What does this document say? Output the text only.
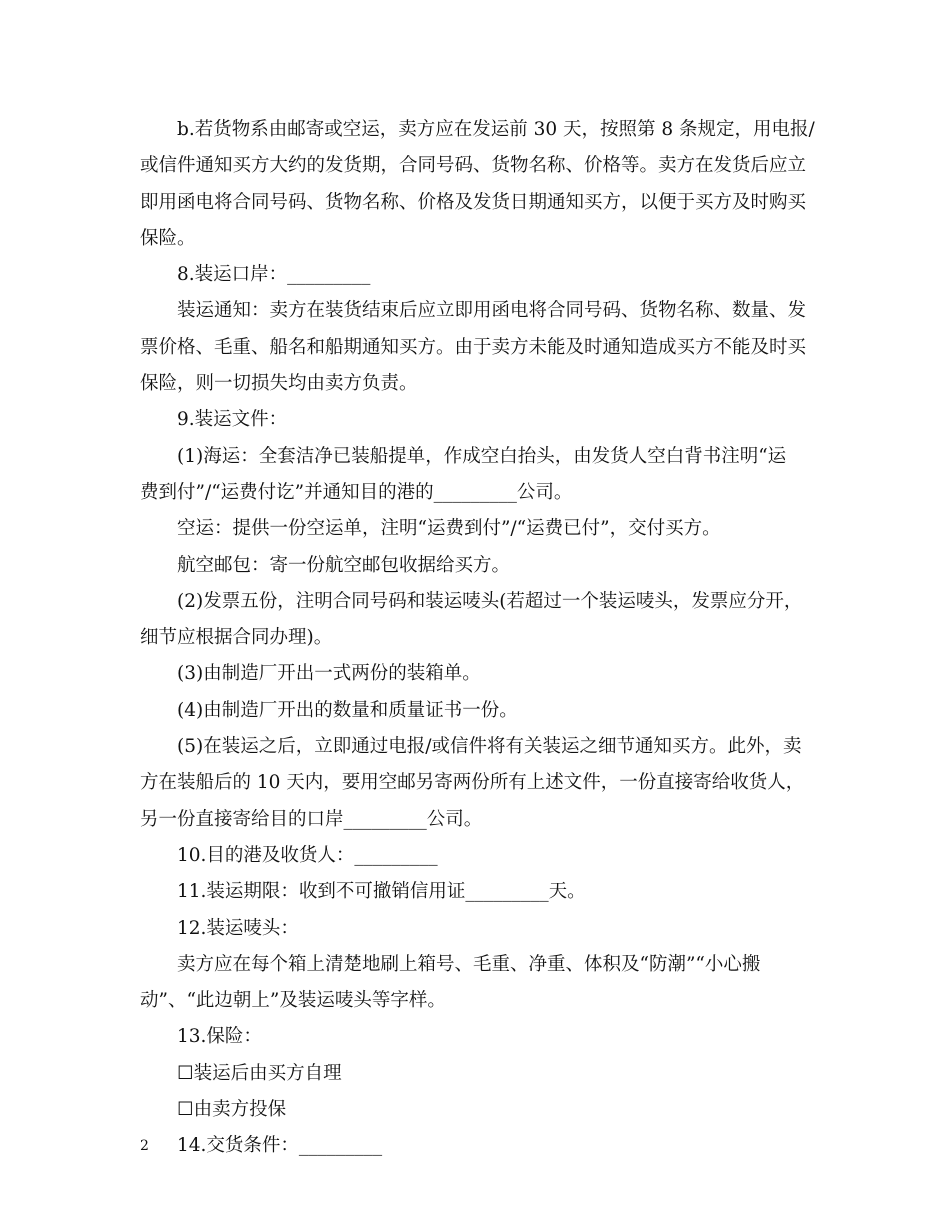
b.若货物系由邮寄或空运，卖方应在发运前 30 天，按照第 8 条规定，用电报/
或信件通知买方大约的发货期，合同号码、货物名称、价格等。卖方在发货后应立
即用函电将合同号码、货物名称、价格及发货日期通知买方，以便于买方及时购买
保险。
8.装运口岸：_________
装运通知：卖方在装货结束后应立即用函电将合同号码、货物名称、数量、发
票价格、毛重、船名和船期通知买方。由于卖方未能及时通知造成买方不能及时买
保险，则一切损失均由卖方负责。
9.装运文件：
(1)海运：全套洁净已装船提单，作成空白抬头，由发货人空白背书注明“运
费到付”/“运费付讫”并通知目的港的_________公司。
空运：提供一份空运单，注明“运费到付”/“运费已付”，交付买方。
航空邮包：寄一份航空邮包收据给买方。
(2)发票五份，注明合同号码和装运唛头(若超过一个装运唛头，发票应分开，
细节应根据合同办理)。
(3)由制造厂开出一式两份的装箱单。
(4)由制造厂开出的数量和质量证书一份。
(5)在装运之后，立即通过电报/或信件将有关装运之细节通知买方。此外，卖
方在装船后的 10 天内，要用空邮另寄两份所有上述文件，一份直接寄给收货人，
另一份直接寄给目的口岸_________公司。
10.目的港及收货人：_________
11.装运期限：收到不可撤销信用证_________天。
12.装运唛头：
卖方应在每个箱上清楚地刷上箱号、毛重、净重、体积及“防潮”“小心搬
动”、“此边朝上”及装运唛头等字样。
13.保险：
☐装运后由买方自理
☐由卖方投保
14.交货条件：_________
2
